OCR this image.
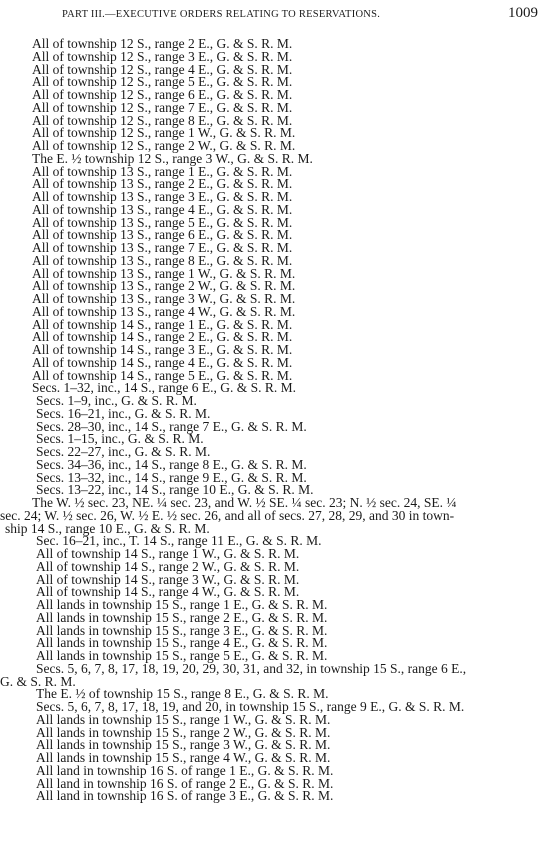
PART III.—EXECUTIVE ORDERS RELATING TO RESERVATIONS.	1009
All of township 12 S., range 2 E., G. & S. R. M.
All of township 12 S., range 3 E., G. & S. R. M.
All of township 12 S., range 4 E., G. & S. R. M.
All of township 12 S., range 5 E., G. & S. R. M.
All of township 12 S., range 6 E., G. & S. R. M.
All of township 12 S., range 7 E., G. & S. R. M.
All of township 12 S., range 8 E., G. & S. R. M.
All of township 12 S., range 1 W., G. & S. R. M.
All of township 12 S., range 2 W., G. & S. R. M.
The E. ½ township 12 S., range 3 W., G. & S. R. M.
All of township 13 S., range 1 E., G. & S. R. M.
All of township 13 S., range 2 E., G. & S. R. M.
All of township 13 S., range 3 E., G. & S. R. M.
All of township 13 S., range 4 E., G. & S. R. M.
All of township 13 S., range 5 E., G. & S. R. M.
All of township 13 S., range 6 E., G. & S. R. M.
All of township 13 S., range 7 E., G. & S. R. M.
All of township 13 S., range 8 E., G. & S. R. M.
All of township 13 S., range 1 W., G. & S. R. M.
All of township 13 S., range 2 W., G. & S. R. M.
All of township 13 S., range 3 W., G. & S. R. M.
All of township 13 S., range 4 W., G. & S. R. M.
All of township 14 S., range 1 E., G. & S. R. M.
All of township 14 S., range 2 E., G. & S. R. M.
All of township 14 S., range 3 E., G. & S. R. M.
All of township 14 S., range 4 E., G. & S. R. M.
All of township 14 S., range 5 E., G. & S. R. M.
Secs. 1–32, inc., 14 S., range 6 E., G. & S. R. M.
Secs. 1–9, inc., G. & S. R. M.
Secs. 16–21, inc., G. & S. R. M.
Secs. 28–30, inc., 14 S., range 7 E., G. & S. R. M.
Secs. 1–15, inc., G. & S. R. M.
Secs. 22–27, inc., G. & S. R. M.
Secs. 34–36, inc., 14 S., range 8 E., G. & S. R. M.
Secs. 13–32, inc., 14 S., range 9 E., G. & S. R. M.
Secs. 13–22, inc., 14 S., range 10 E., G. & S. R. M.
The W. ½ sec. 23, NE. ¼ sec. 23, and W. ½ SE. ¼ sec. 23; N. ½ sec. 24, SE. ¼
sec. 24; W. ½ sec. 26, W. ½ E. ½ sec. 26, and all of secs. 27, 28, 29, and 30 in town-
ship 14 S., range 10 E., G. & S. R. M.
Sec. 16–21, inc., T. 14 S., range 11 E., G. & S. R. M.
All of township 14 S., range 1 W., G. & S. R. M.
All of township 14 S., range 2 W., G. & S. R. M.
All of township 14 S., range 3 W., G. & S. R. M.
All of township 14 S., range 4 W., G. & S. R. M.
All lands in township 15 S., range 1 E., G. & S. R. M.
All lands in township 15 S., range 2 E., G. & S. R. M.
All lands in township 15 S., range 3 E., G. & S. R. M.
All lands in township 15 S., range 4 E., G. & S. R. M.
All lands in township 15 S., range 5 E., G. & S. R. M.
Secs. 5, 6, 7, 8, 17, 18, 19, 20, 29, 30, 31, and 32, in township 15 S., range 6 E.,
G. & S. R. M.
The E. ½ of township 15 S., range 8 E., G. & S. R. M.
Secs. 5, 6, 7, 8, 17, 18, 19, and 20, in township 15 S., range 9 E., G. & S. R. M.
All lands in township 15 S., range 1 W., G. & S. R. M.
All lands in township 15 S., range 2 W., G. & S. R. M.
All lands in township 15 S., range 3 W., G. & S. R. M.
All lands in township 15 S., range 4 W., G. & S. R. M.
All land in township 16 S. of range 1 E., G. & S. R. M.
All land in township 16 S. of range 2 E., G. & S. R. M.
All land in township 16 S. of range 3 E., G. & S. R. M.
